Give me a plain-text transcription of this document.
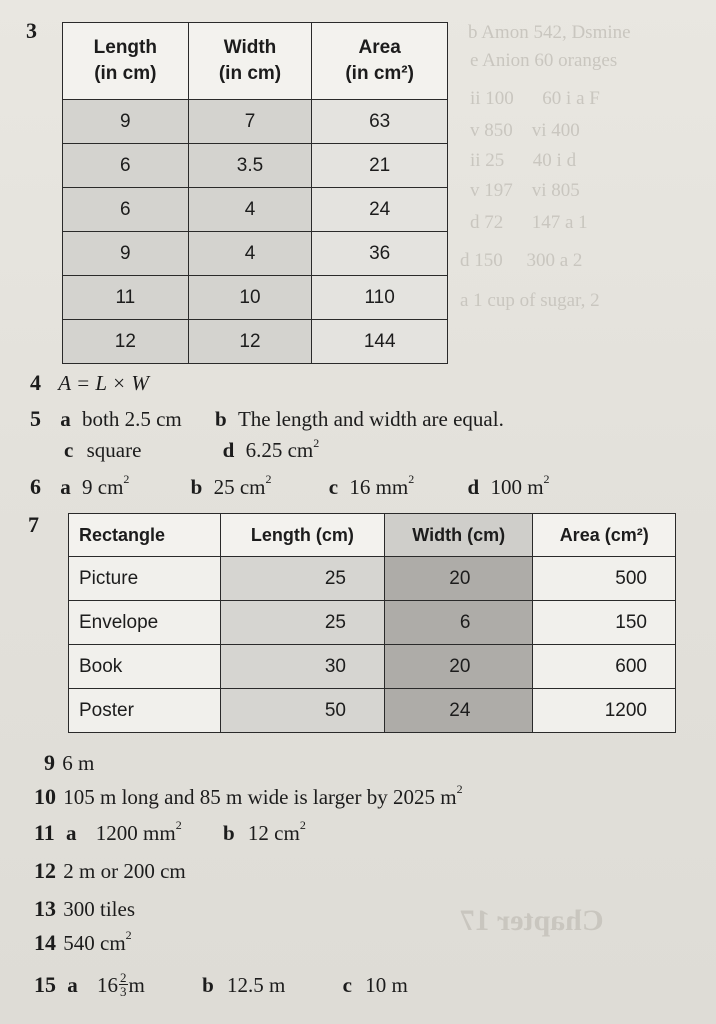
b Amon 542, Dsmine
e Anion 60 oranges
ii 100      60 i a F
v 850    vi 400
ii 25      40 i d
v 197    vi 805
d 72      147 a 1
d 150     300 a 2
a 1 cup of sugar, 2
Chapter 17
3
Length
(in cm)	Width
(in cm)	Area
(in cm²)

9	7	63
6	3.5	21
6	4	24
9	4	36
11	10	110
12	12	144
4 A = L × W
5 a both 2.5 cm b The length and width are equal.
c square	d 6.25 $cm^2$
6 a 9 $cm^2$	b 25 $cm^2$	c 16 $mm^2$	d 100 $m^2$
7 Rectangle	Length (cm)	Width (cm)	Area (cm²)
Picture	25	20	500
Envelope	25	6	150
Book	30	20	600
Poster	50	24	1200
9 6 m
10 105 m long and 85 m wide is larger by 2025 $m^2$
11 a 1200 $mm^2$ b 12 $cm^2$
12 2 m or 200 cm
13 300 tiles
14 540 $cm^2$
15 a $16 \frac{2}{3}$ m	b 12.5 m	c 10 m
